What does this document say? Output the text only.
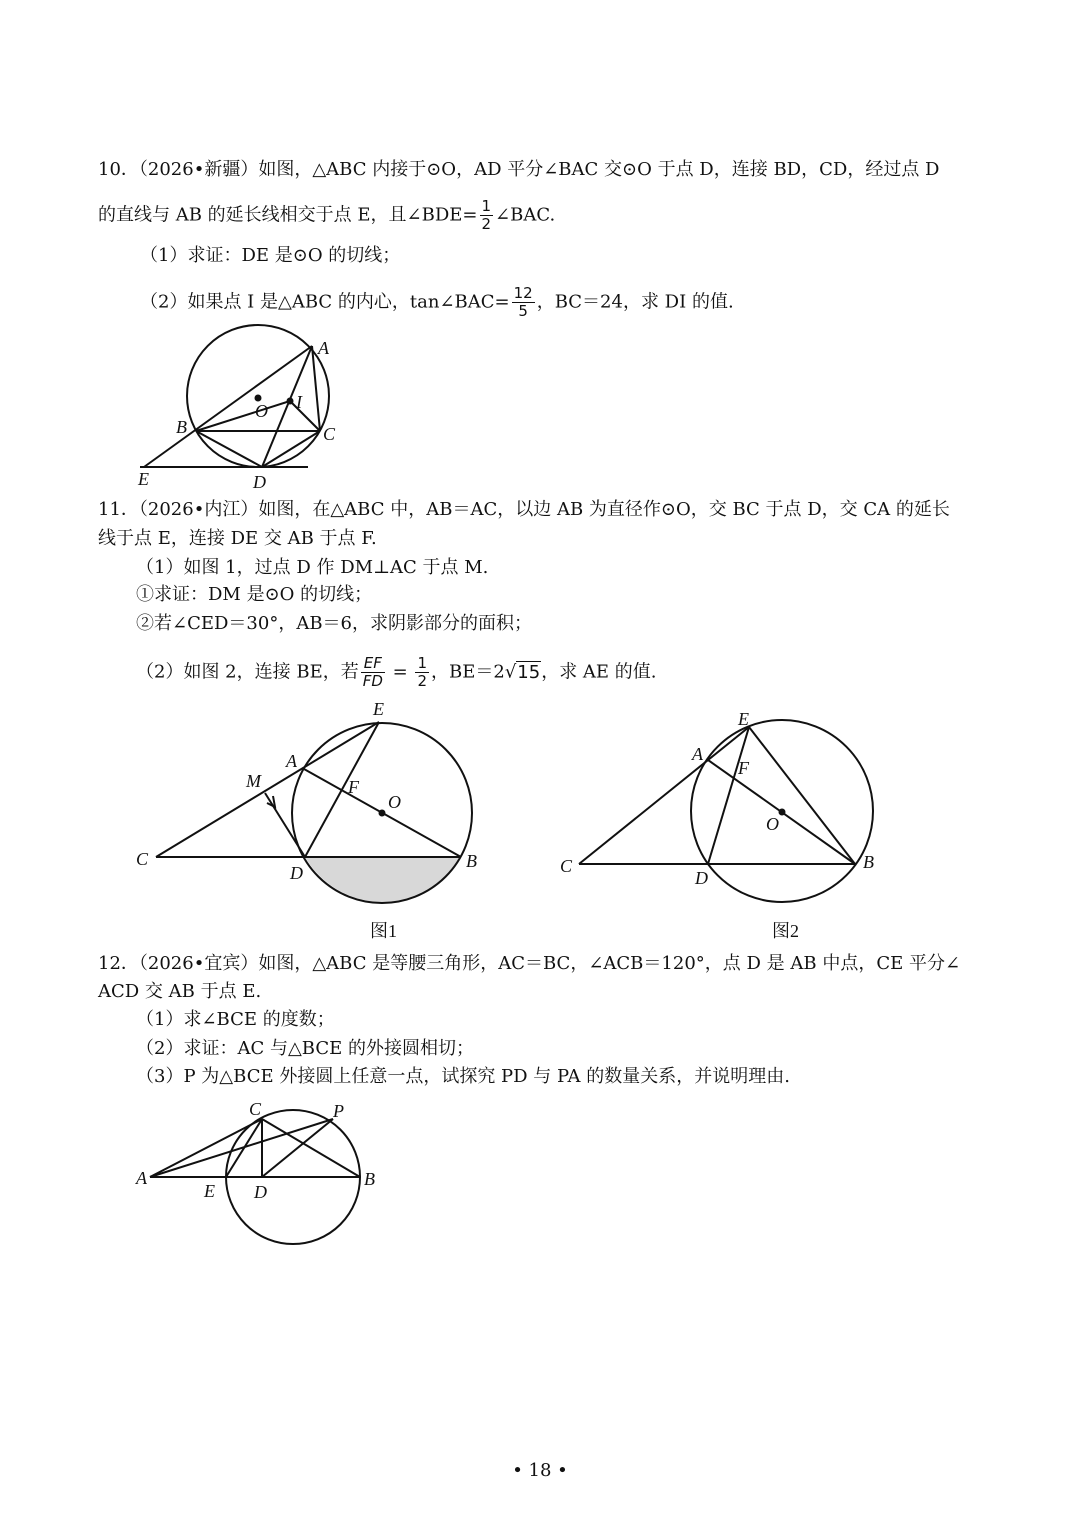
10．（2026•新疆）如图，△ABC 内接于⊙O，AD 平分∠BAC 交⊙O 于点 D，连接 BD，CD，经过点 D
的直线与 AB 的延长线相交于点 E，且∠BDE= $\frac{1}{2}$ ∠BAC.
（1）求证：DE 是⊙O 的切线；
（2）如果点 I 是△ABC 的内心，tan∠BAC= $\frac{12}{5}$ ，BC＝24，求 DI 的值.
A
B	C
D
E
O I
11．（2026•内江）如图，在△ABC 中，AB＝AC，以边 AB 为直径作⊙O，交 BC 于点 D，交 CA 的延长
线于点 E，连接 DE 交 AB 于点 F.
（1）如图 1，过点 D 作 DM⊥AC 于点 M.
①求证：DM 是⊙O 的切线；
②若∠CED＝30°，AB＝6，求阴影部分的面积；
（2）如图 2，连接 BE，若 $\frac{EF}{FD} = \frac{1}{2}$ ，BE＝2√15，求 AE 的值.
E
A
M	F
O
C
D
B
图1
E
A
F
O
C
D
B
图2
12．（2026•宜宾）如图，△ABC 是等腰三角形，AC＝BC，∠ACB＝120°，点 D 是 AB 中点，CE 平分∠
ACD 交 AB 于点 E.
（1）求∠BCE 的度数；
（2）求证：AC 与△BCE 的外接圆相切；
（3）P 为△BCE 外接圆上任意一点，试探究 PD 与 PA 的数量关系，并说明理由.
C	P
A
E D
B
• 18 •
